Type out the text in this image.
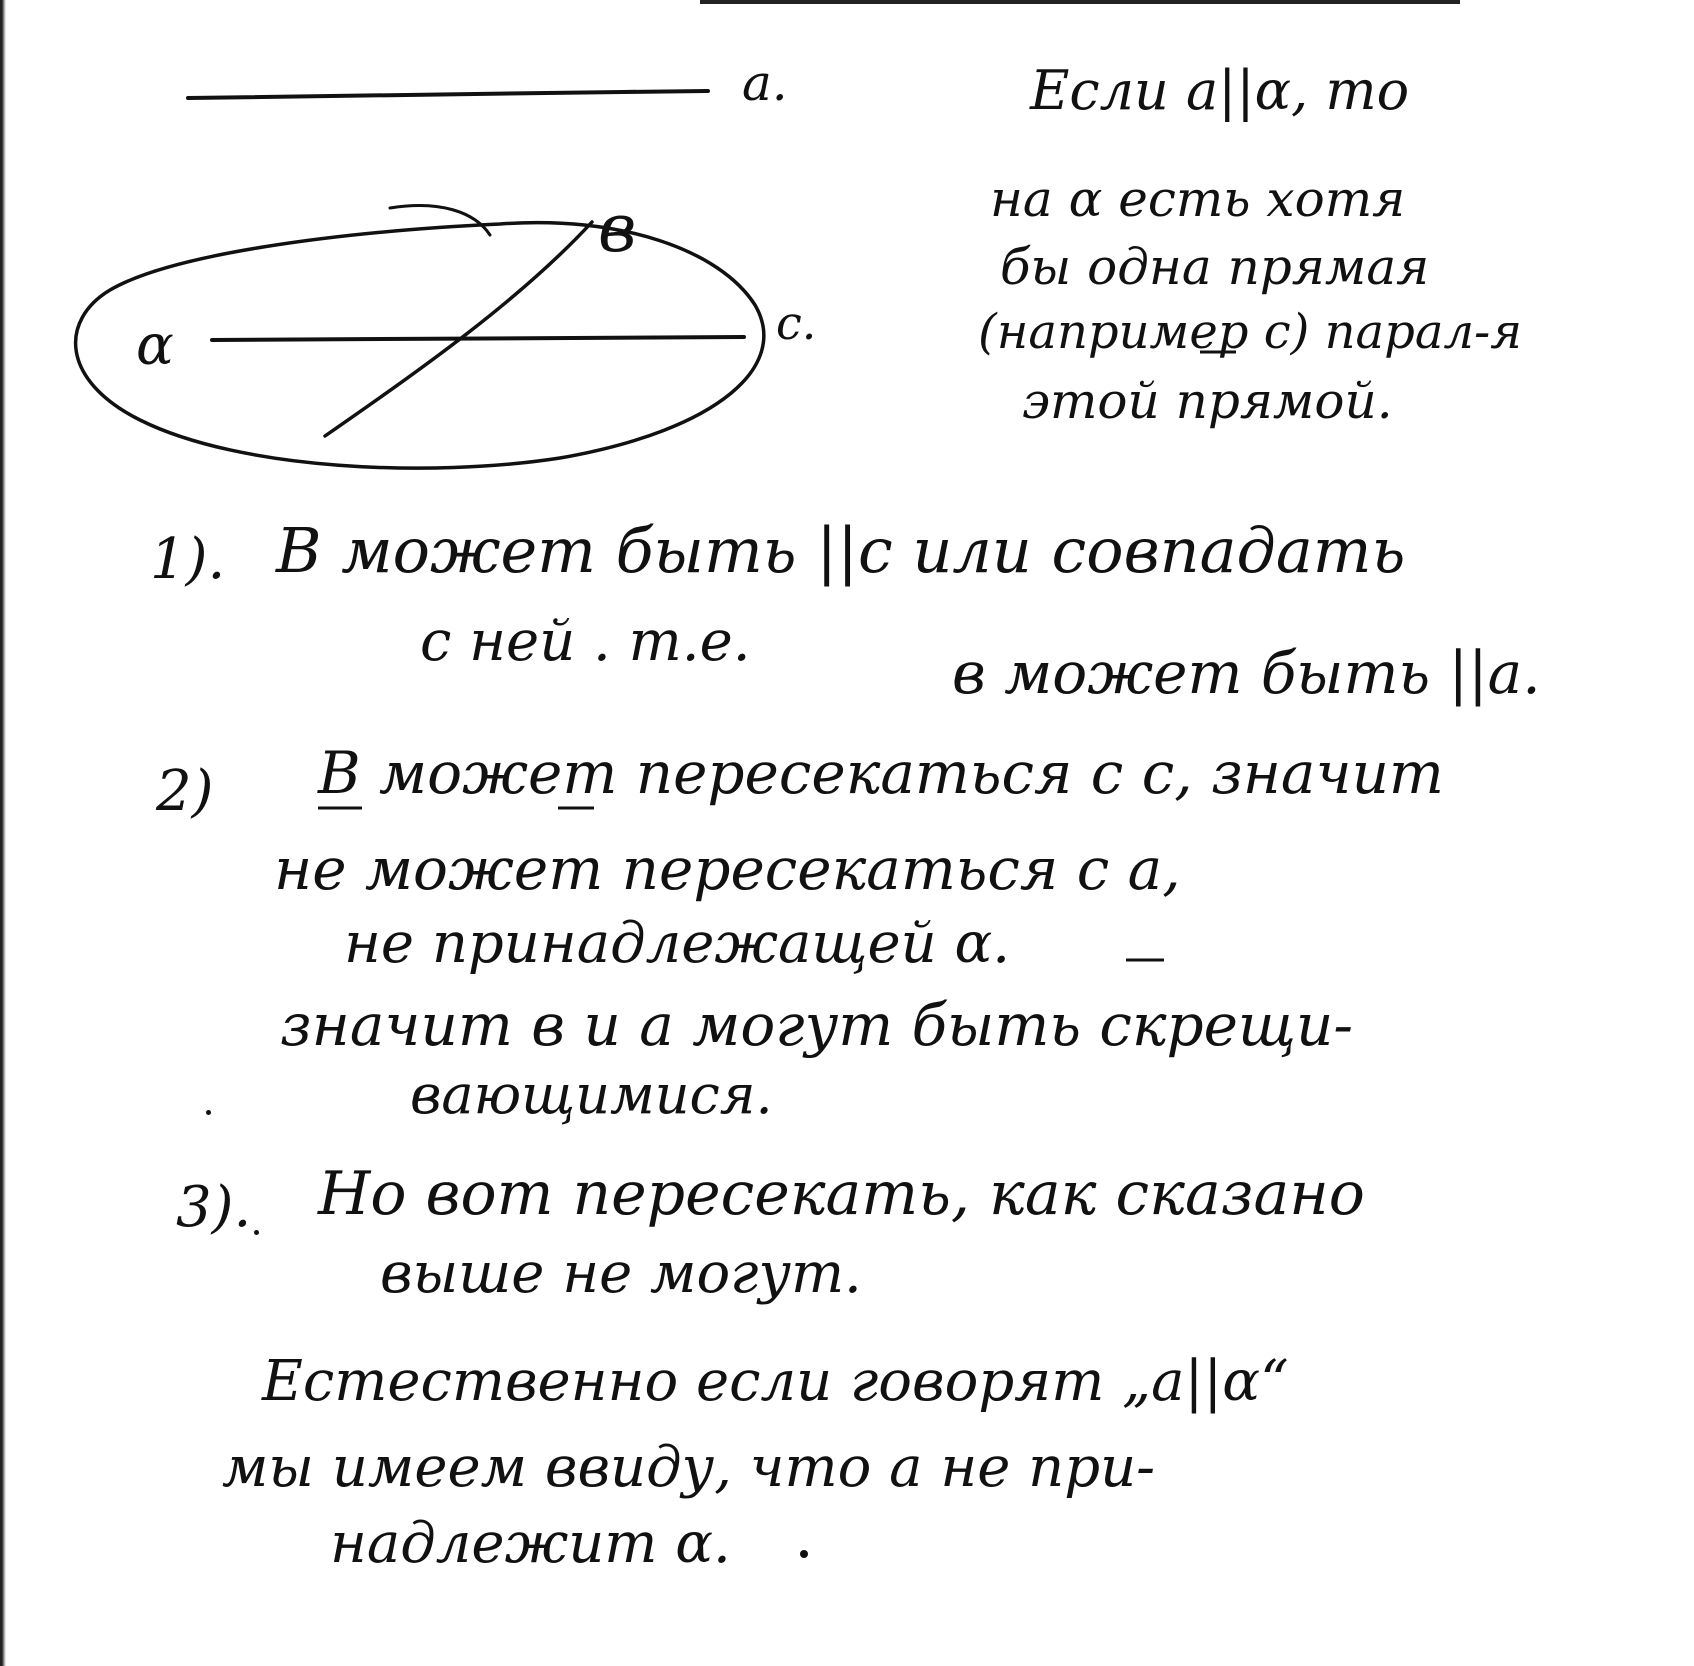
a.
α
в
с.
Если a||α, то
на α есть хотя
бы одна прямая
(например с) парал-я
этой прямой.
1). В может быть ||с или совпадать
с ней . т.е.	в может быть ||a.
2) В может пересекаться с с, значит
не может пересекаться с a,
не принадлежащей α.
значит в и а могут быть скрещи-
вающимися.
3). Но вот пересекать, как сказано
выше не могут.
Естественно если говорят „a||α“
мы имеем ввиду, что а не при-
надлежит α.
